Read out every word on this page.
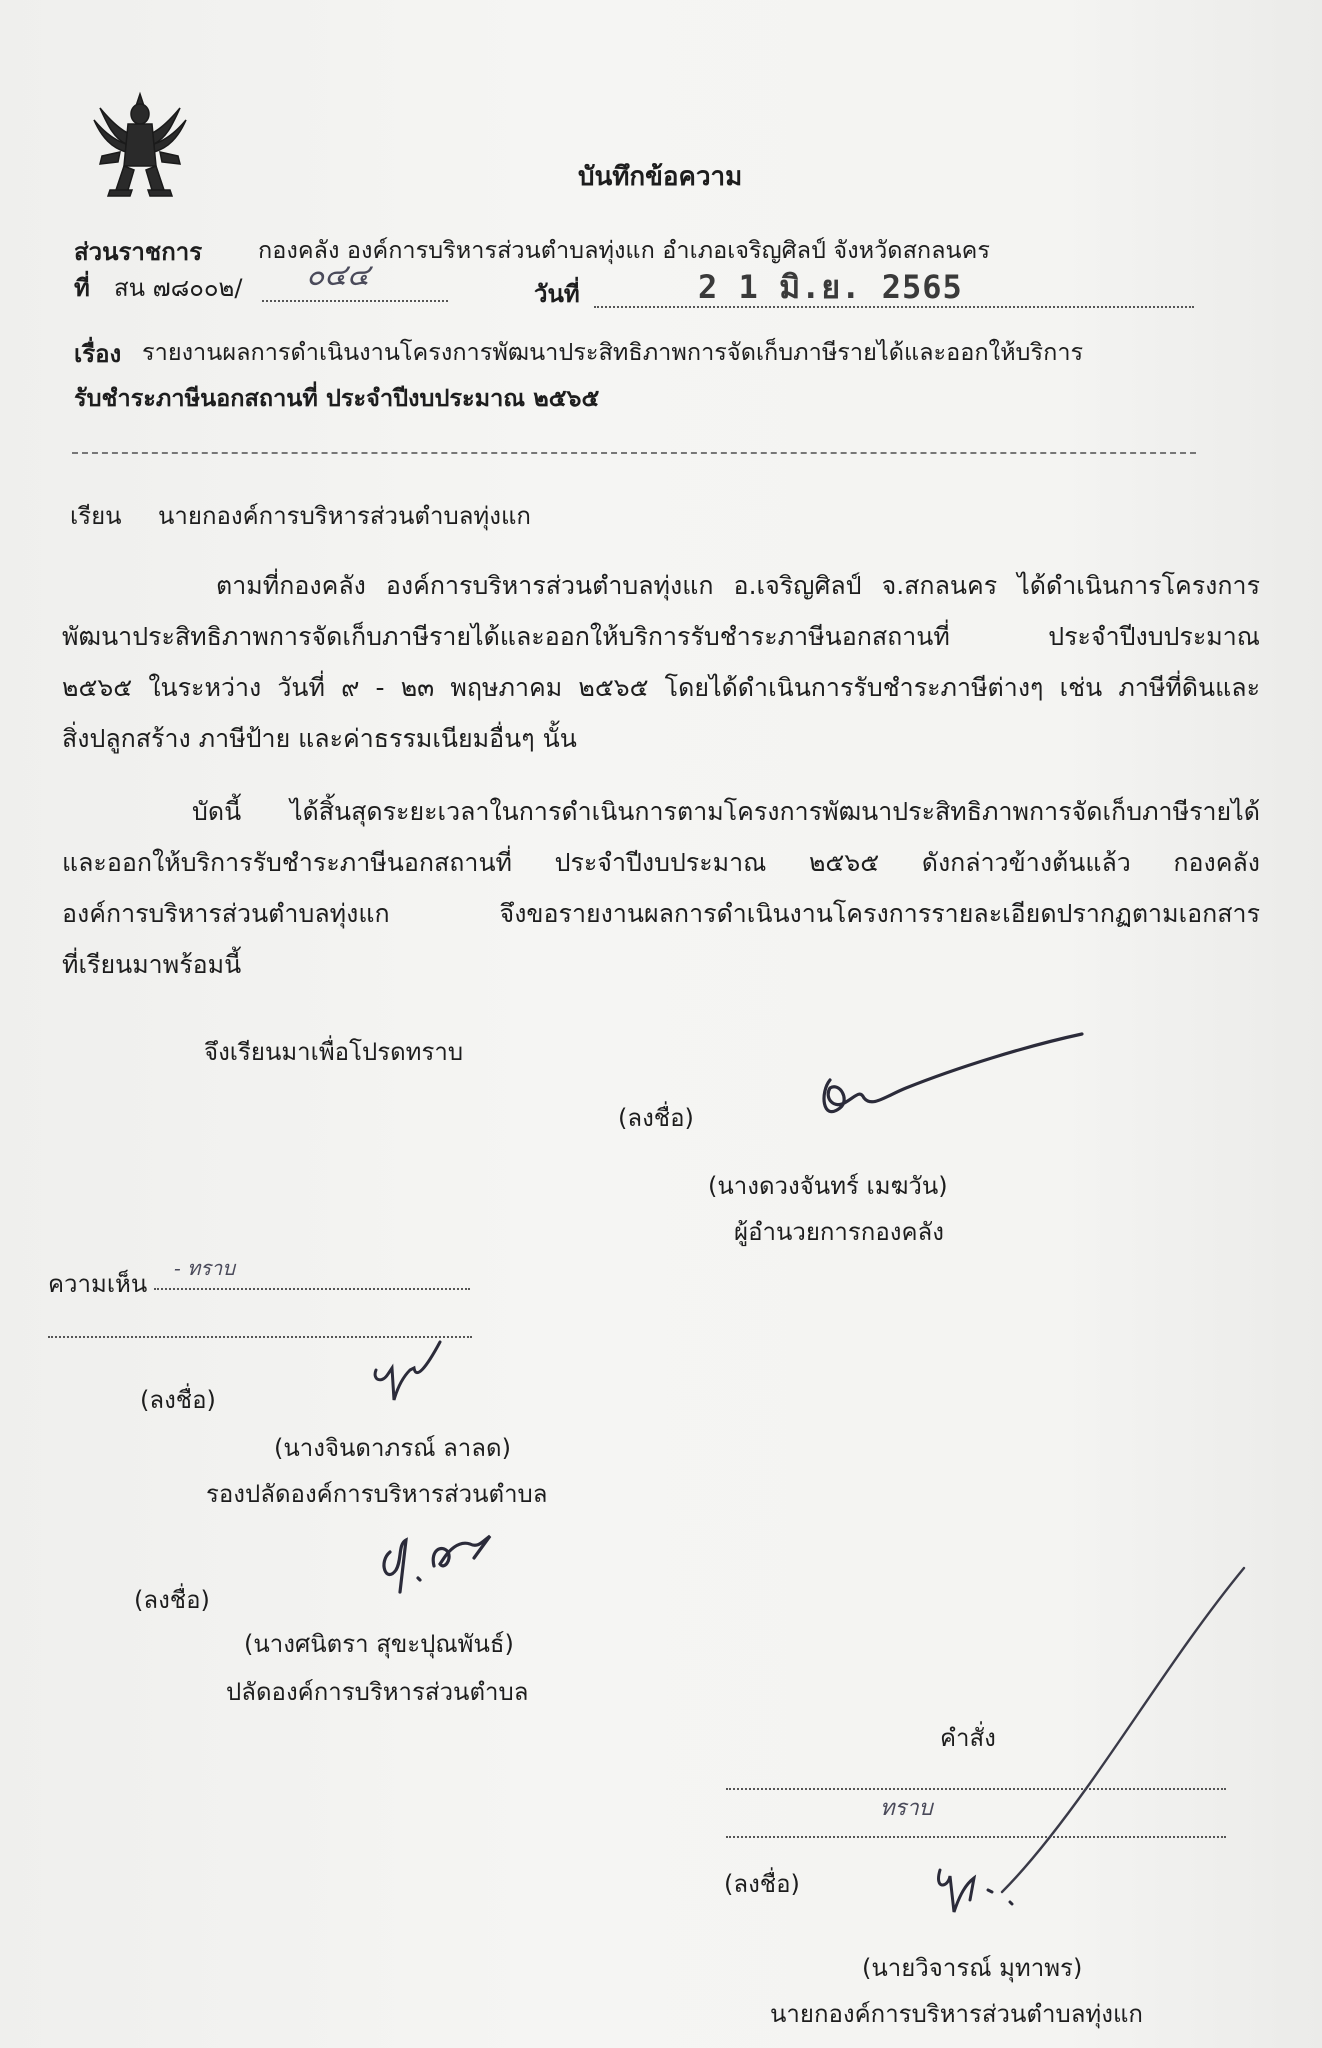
บันทึกข้อความ
ส่วนราชการ กองคลัง องค์การบริหารส่วนตำบลทุ่งแก อำเภอเจริญศิลป์ จังหวัดสกลนคร
ที่ สน ๗๘๐๐๒/ ๐๔๔
วันที่	2 1 มิ.ย. 2565
เรื่อง รายงานผลการดำเนินงานโครงการพัฒนาประสิทธิภาพการจัดเก็บภาษีรายได้และออกให้บริการ
รับชำระภาษีนอกสถานที่ ประจำปีงบประมาณ ๒๕๖๕
เรียน นายกองค์การบริหารส่วนตำบลทุ่งแก
ตามที่กองคลัง องค์การบริหารส่วนตำบลทุ่งแก อ.เจริญศิลป์ จ.สกลนคร ได้ดำเนินการโครงการ
พัฒนาประสิทธิภาพการจัดเก็บภาษีรายได้และออกให้บริการรับชำระภาษีนอกสถานที่ ประจำปีงบประมาณ
๒๕๖๕ ในระหว่าง วันที่ ๙ - ๒๓ พฤษภาคม ๒๕๖๕ โดยได้ดำเนินการรับชำระภาษีต่างๆ เช่น ภาษีที่ดินและ
สิ่งปลูกสร้าง ภาษีป้าย และค่าธรรมเนียมอื่นๆ นั้น
บัดนี้ ได้สิ้นสุดระยะเวลาในการดำเนินการตามโครงการพัฒนาประสิทธิภาพการจัดเก็บภาษีรายได้
และออกให้บริการรับชำระภาษีนอกสถานที่ ประจำปีงบประมาณ ๒๕๖๕ ดังกล่าวข้างต้นแล้ว กองคลัง
องค์การบริหารส่วนตำบลทุ่งแก จึงขอรายงานผลการดำเนินงานโครงการรายละเอียดปรากฏตามเอกสาร
ที่เรียนมาพร้อมนี้
จึงเรียนมาเพื่อโปรดทราบ
(ลงชื่อ)
(นางดวงจันทร์ เมฆวัน)
ผู้อำนวยการกองคลัง
ความเห็น
- ทราบ
(ลงชื่อ)
(นางจินดาภรณ์ ลาลด)
รองปลัดองค์การบริหารส่วนตำบล
(ลงชื่อ)
(นางศนิตรา สุขะปุณพันธ์)
ปลัดองค์การบริหารส่วนตำบล
คำสั่ง
ทราบ
(ลงชื่อ)
(นายวิจารณ์ มุทาพร)
นายกองค์การบริหารส่วนตำบลทุ่งแก
